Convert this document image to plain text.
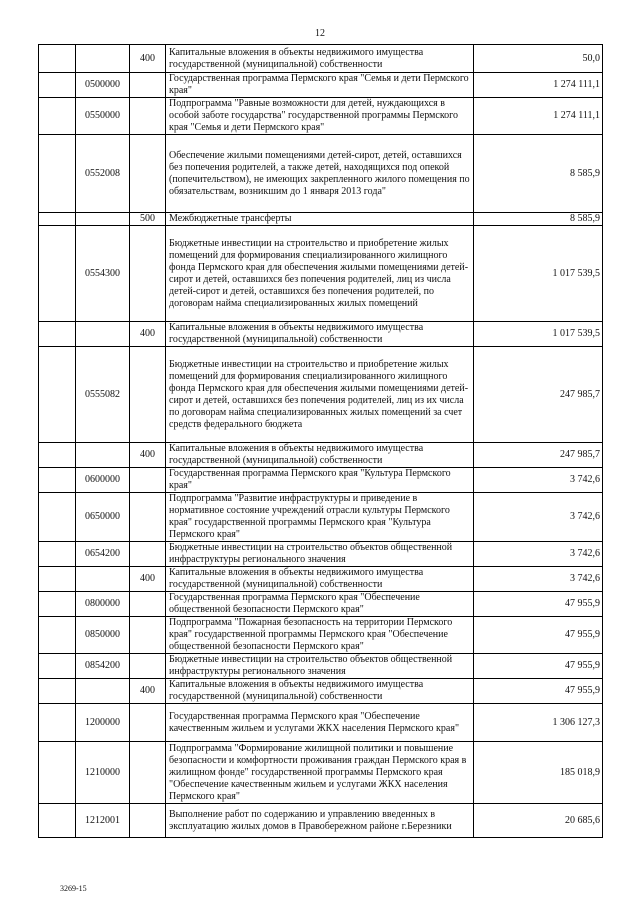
12
		400	Капитальные вложения в объекты недвижимого имущества государственной (муниципальной) собственности	50,0
	0500000		Государственная программа Пермского края "Семья и дети Пермского края"	1 274 111,1
	0550000		Подпрограмма "Равные возможности для детей, нуждающихся в особой заботе государства" государственной программы Пермского края "Семья и дети Пермского края"	1 274 111,1
	0552008		Обеспечение жилыми помещениями детей-сирот, детей, оставшихся без попечения родителей, а также детей, находящихся под опекой (попечительством), не имеющих закрепленного жилого помещения по обязательствам, возникшим до 1 января 2013 года"	8 585,9
		500	Межбюджетные трансферты	8 585,9
	0554300		Бюджетные инвестиции на строительство и приобретение жилых помещений для формирования специализированного жилищного фонда Пермского края для обеспечения жилыми помещениями детей-сирот и детей, оставшихся без попечения родителей, лиц из числа детей-сирот и детей, оставшихся без попечения родителей, по договорам найма специализированных жилых помещений	1 017 539,5
		400	Капитальные вложения в объекты недвижимого имущества государственной (муниципальной) собственности	1 017 539,5
	0555082		Бюджетные инвестиции на строительство и приобретение жилых помещений для формирования специализированного жилищного фонда Пермского края для обеспечения жилыми помещениями детей-сирот и детей, оставшихся без попечения родителей, лиц из их числа по договорам найма специализированных жилых помещений за счет средств федерального бюджета	247 985,7
		400	Капитальные вложения в объекты недвижимого имущества государственной (муниципальной) собственности	247 985,7
	0600000		Государственная программа Пермского края "Культура Пермского края"	3 742,6
	0650000		Подпрограмма "Развитие инфраструктуры и приведение в нормативное состояние учреждений отрасли культуры Пермского края" государственной программы Пермского края "Культура Пермского края"	3 742,6
	0654200		Бюджетные инвестиции на строительство объектов общественной инфраструктуры регионального значения	3 742,6
		400	Капитальные вложения в объекты недвижимого имущества государственной (муниципальной) собственности	3 742,6
	0800000		Государственная программа Пермского края "Обеспечение общественной безопасности Пермского края"	47 955,9
	0850000		Подпрограмма "Пожарная безопасность на территории Пермского края" государственной программы Пермского края "Обеспечение общественной безопасности Пермского края"	47 955,9
	0854200		Бюджетные инвестиции на строительство объектов общественной инфраструктуры регионального значения	47 955,9
		400	Капитальные вложения в объекты недвижимого имущества государственной (муниципальной) собственности	47 955,9
	1200000		Государственная программа Пермского края "Обеспечение качественным жильем и услугами ЖКХ населения Пермского края"	1 306 127,3
	1210000		Подпрограмма "Формирование жилищной политики и повышение безопасности и комфортности проживания граждан Пермского края в жилищном фонде" государственной программы Пермского края "Обеспечение качественным жильем и услугами ЖКХ населения Пермского края"	185 018,9
	1212001		Выполнение работ по содержанию и управлению введенных в эксплуатацию жилых домов в Правобережном районе г.Березники	20 685,6
3269-15
